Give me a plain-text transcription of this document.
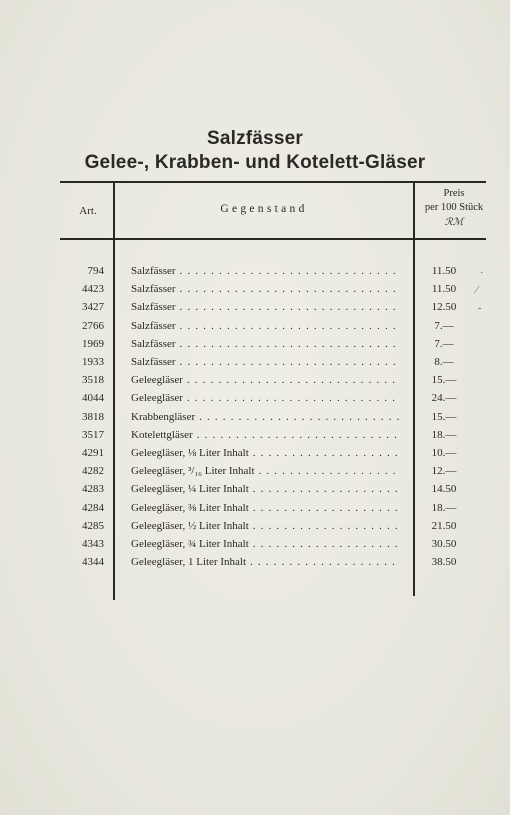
Salzfässer
Gelee-, Krabben- und Kotelett-Gläser
Art.	Gegenstand
Preis
per 100 Stück
ℛℳ
794 Salzfässer . . .	11.50
4423 Salzfässer . . .	11.50
3427 Salzfässer . . .	12.50
2766 Salzfässer . . .	7.—
1969 Salzfässer . . .	7.—
1933 Salzfässer . . .	8.—
3518 Geleegläser . . .	15.—
4044 Geleegläser . . .	24.—
3818 Krabbengläser . . .	15.—
3517 Kotelettgläser . . .	18.—
4291 Geleegläser, ⅛ Liter Inhalt . . .	10.—
4282 Geleegläser, ³/₁₆ Liter Inhalt . . .	12.—
4283 Geleegläser, ¼ Liter Inhalt . . .	14.50
4284 Geleegläser, ⅜ Liter Inhalt . . .	18.—
4285 Geleegläser, ½ Liter Inhalt . . .	21.50
4343 Geleegläser, ¾ Liter Inhalt . . .	30.50
4344 Geleegläser, 1 Liter Inhalt . . .	38.50
·
⁄
-
